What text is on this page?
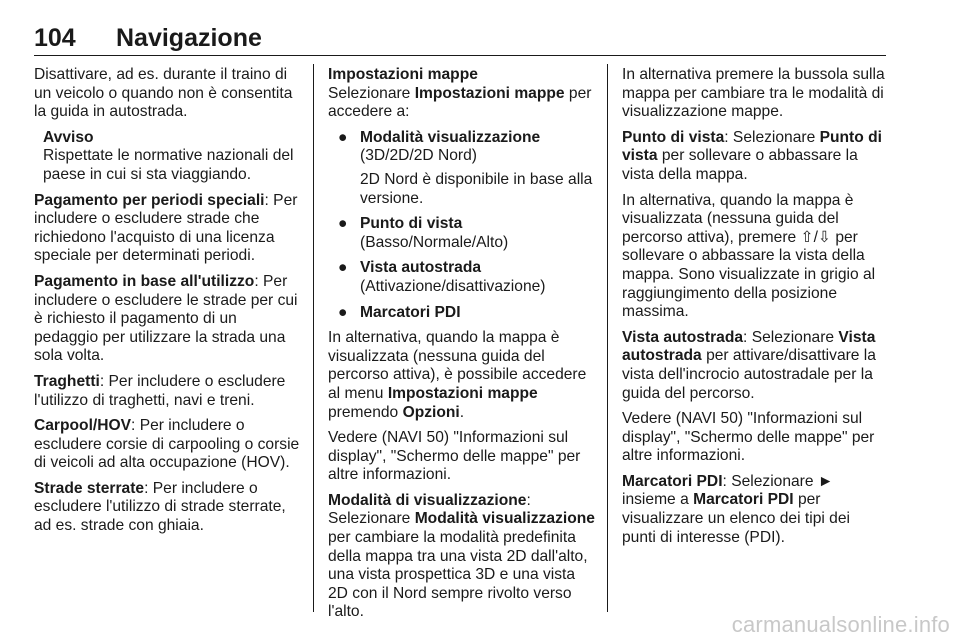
104 Navigazione

Disattivare, ad es. durante il traino di un veicolo o quando non è consentita la guida in autostrada.

Avviso

Rispettate le normative nazionali del paese in cui si sta viaggiando.

Pagamento per periodi speciali: Per includere o escludere strade che richiedono l'acquisto di una licenza speciale per determinati periodi.

Pagamento in base all'utilizzo: Per includere o escludere le strade per cui è richiesto il pagamento di un pedaggio per utilizzare la strada una sola volta.

Traghetti: Per includere o escludere l'utilizzo di traghetti, navi e treni.

Carpool/HOV: Per includere o escludere corsie di carpooling o corsie di veicoli ad alta occupazione (HOV).

Strade sterrate: Per includere o escludere l'utilizzo di strade sterrate, ad es. strade con ghiaia.

Impostazioni mappe

Selezionare Impostazioni mappe per accedere a:

● Modalità visualizzazione (3D/2D/2D Nord)
2D Nord è disponibile in base alla versione.
● Punto di vista (Basso/Normale/Alto)
● Vista autostrada (Attivazione/disattivazione)
● Marcatori PDI

In alternativa, quando la mappa è visualizzata (nessuna guida del percorso attiva), è possibile accedere al menu Impostazioni mappe premendo Opzioni.

Vedere (NAVI 50) "Informazioni sul display", "Schermo delle mappe" per altre informazioni.

Modalità di visualizzazione: Selezionare Modalità visualizzazione per cambiare la modalità predefinita della mappa tra una vista 2D dall'alto, una vista prospettica 3D e una vista 2D con il Nord sempre rivolto verso l'alto.

In alternativa premere la bussola sulla mappa per cambiare tra le modalità di visualizzazione mappe.

Punto di vista: Selezionare Punto di vista per sollevare o abbassare la vista della mappa.

In alternativa, quando la mappa è visualizzata (nessuna guida del percorso attiva), premere ⇧/⇩ per sollevare o abbassare la vista della mappa. Sono visualizzate in grigio al raggiungimento della posizione massima.

Vista autostrada: Selezionare Vista autostrada per attivare/disattivare la vista dell'incrocio autostradale per la guida del percorso.

Vedere (NAVI 50) "Informazioni sul display", "Schermo delle mappe" per altre informazioni.

Marcatori PDI: Selezionare ► insieme a Marcatori PDI per visualizzare un elenco dei tipi dei punti di interesse (PDI).

carmanualsonline.info
